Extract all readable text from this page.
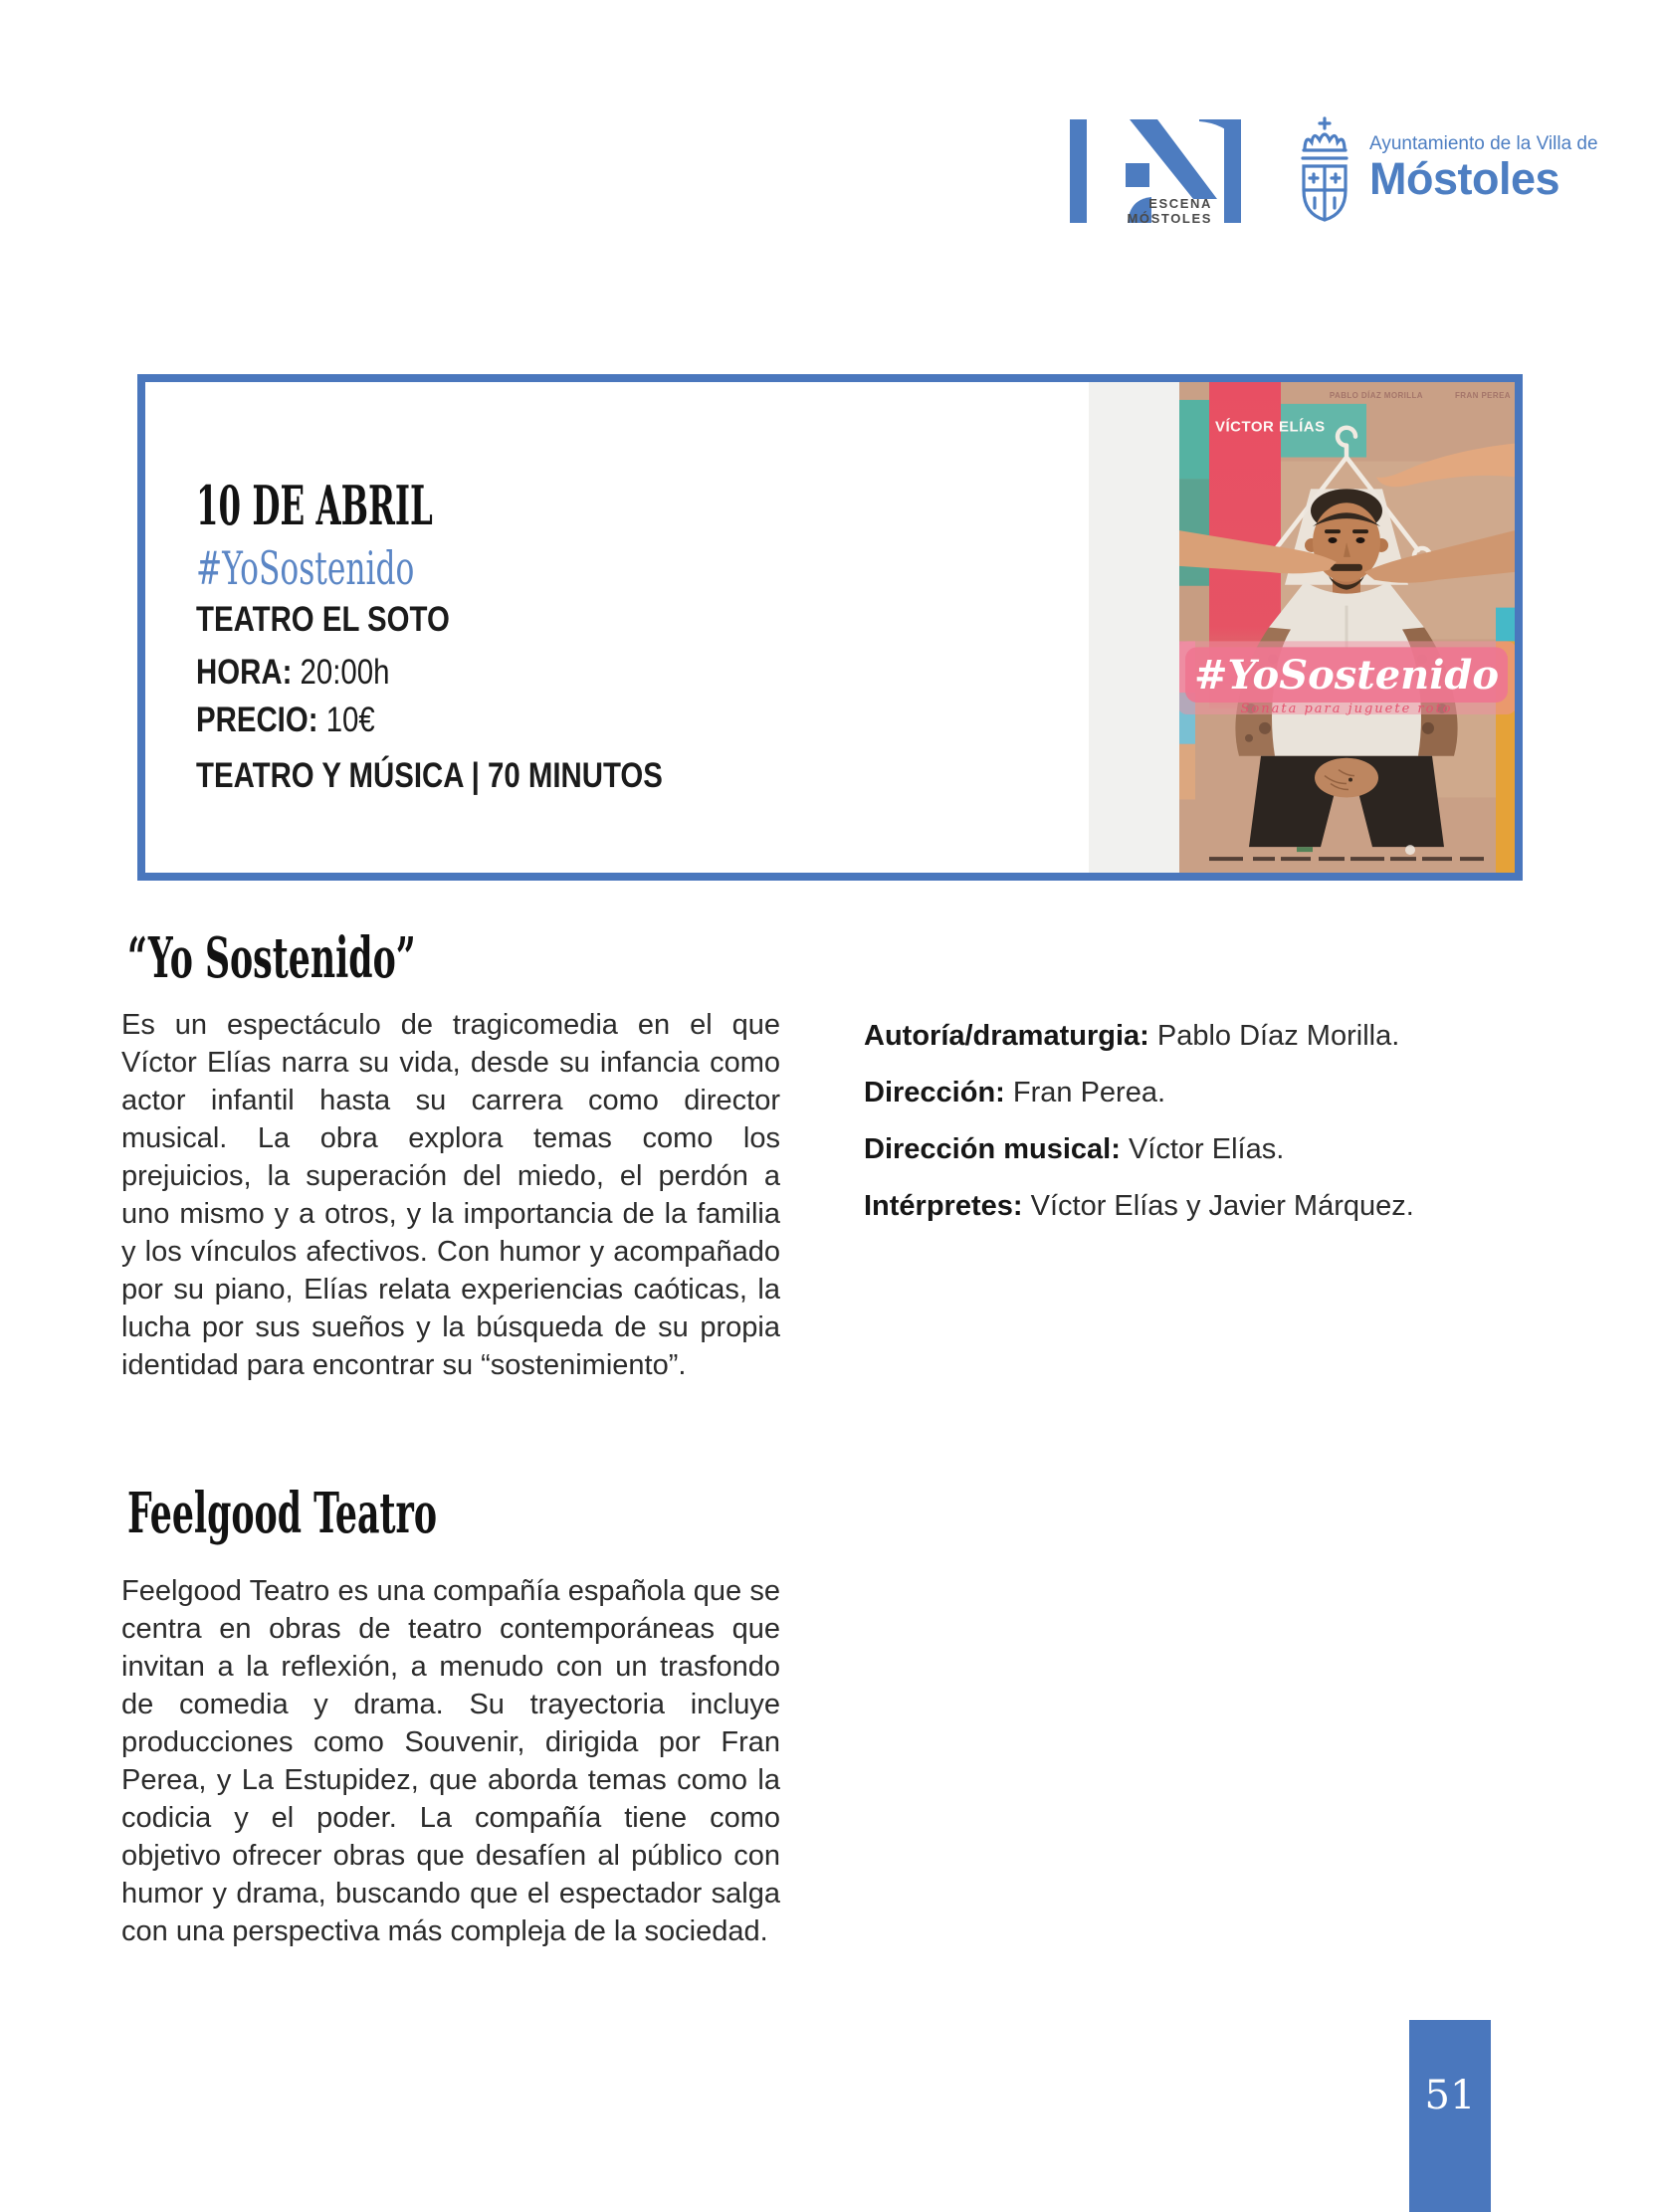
ESCENA
MÓSTOLES
Ayuntamiento de la Villa de
Móstoles
10 DE ABRIL
#YoSostenido
TEATRO EL SOTO
HORA: 20:00h
PRECIO: 10€
TEATRO Y MÚSICA | 70 MINUTOS
PABLO DÍAZ MORILLA	FRAN PEREA
VÍCTOR ELÍAS
#YoSostenido
Sonata para juguete roto
“Yo Sostenido”
Es un espectáculo de tragicomedia en el que Víctor Elías narra su vida, desde su infancia como actor infantil hasta su carrera como director musical. La obra explora temas como los prejuicios, la superación del miedo, el perdón a uno mismo y a otros, y la importancia de la familia y los vínculos afectivos. Con humor y acompañado por su piano, Elías relata experiencias caóticas, la lucha por sus sueños y la búsqueda de su propia identidad para encontrar su “sostenimiento”.
Autoría/dramaturgia: Pablo Díaz Morilla.
Dirección: Fran Perea.
Dirección musical: Víctor Elías.
Intérpretes: Víctor Elías y Javier Márquez.
Feelgood Teatro
Feelgood Teatro es una compañía española que se centra en obras de teatro contemporáneas que invitan a la reflexión, a menudo con un trasfondo de comedia y drama. Su trayectoria incluye producciones como Souvenir, dirigida por Fran Perea, y La Estupidez, que aborda temas como la codicia y el poder. La compañía tiene como objetivo ofrecer obras que desafíen al público con humor y drama, buscando que el espectador salga con una perspectiva más compleja de la sociedad.
51
